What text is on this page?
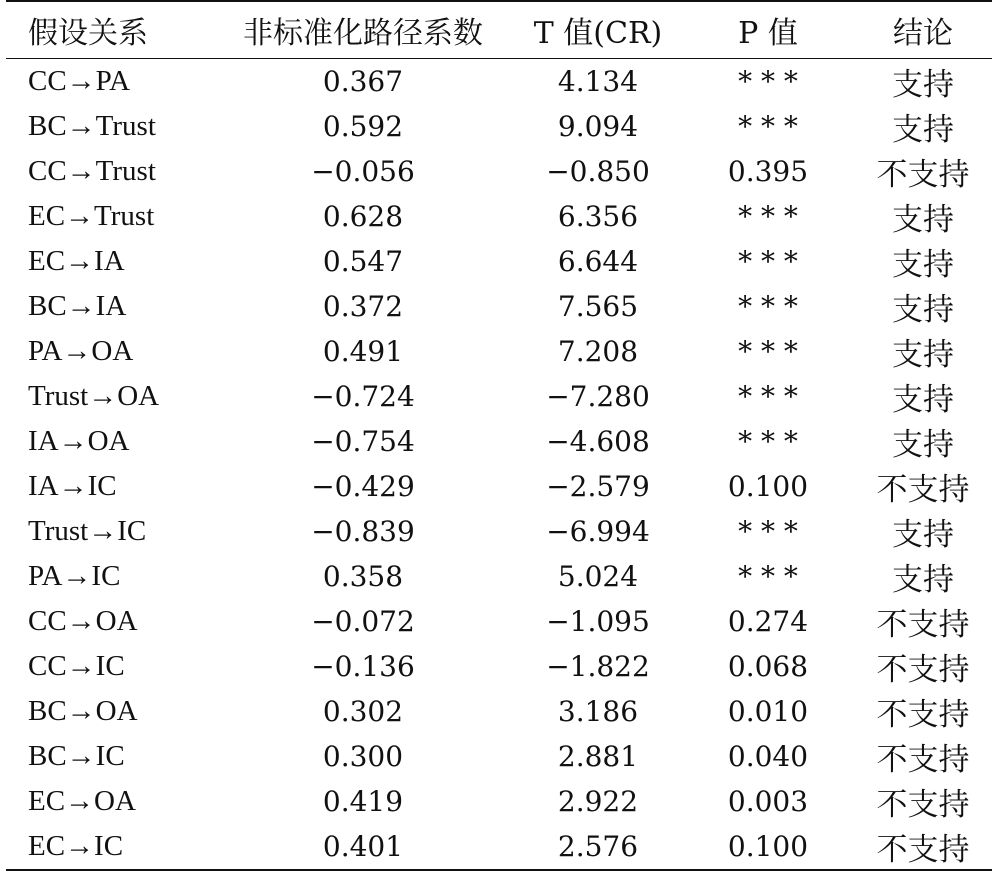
假设关系	非标准化路径系数	T 值(CR)	P 值	结论
CC→PA	0.367	4.134	* * *	支持
BC→Trust	0.592	9.094	* * *	支持
CC→Trust	−0.056	−0.850	0.395	不支持
EC→Trust	0.628	6.356	* * *	支持
EC→IA	0.547	6.644	* * *	支持
BC→IA	0.372	7.565	* * *	支持
PA→OA	0.491	7.208	* * *	支持
Trust→OA	−0.724	−7.280	* * *	支持
IA→OA	−0.754	−4.608	* * *	支持
IA→IC	−0.429	−2.579	0.100	不支持
Trust→IC	−0.839	−6.994	* * *	支持
PA→IC	0.358	5.024	* * *	支持
CC→OA	−0.072	−1.095	0.274	不支持
CC→IC	−0.136	−1.822	0.068	不支持
BC→OA	0.302	3.186	0.010	不支持
BC→IC	0.300	2.881	0.040	不支持
EC→OA	0.419	2.922	0.003	不支持
EC→IC	0.401	2.576	0.100	不支持
